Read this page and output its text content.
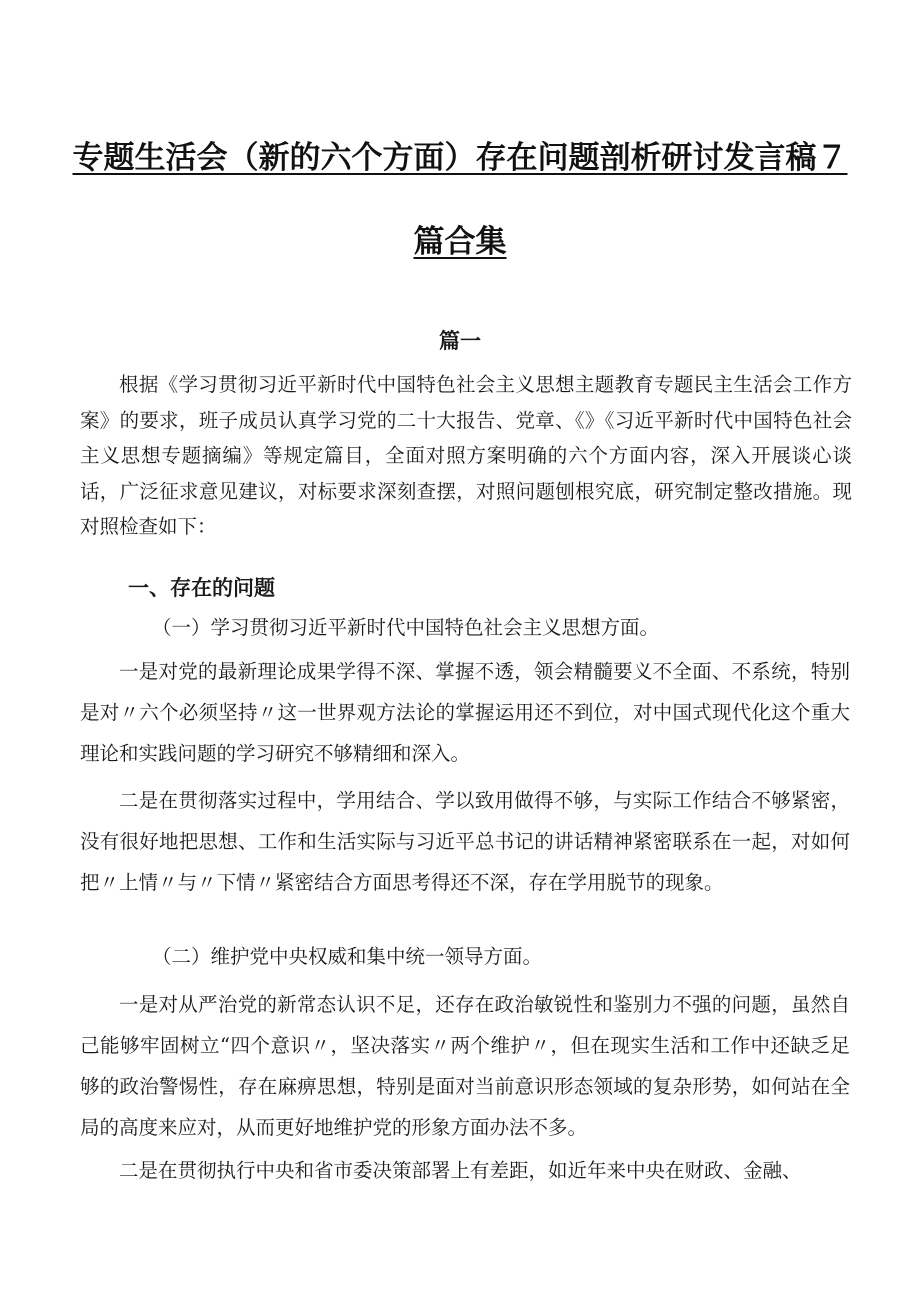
专题生活会（新的六个方面）存在问题剖析研讨发言稿７
篇合集
篇一

根据《学习贯彻习近平新时代中国特色社会主义思想主题教育专题民主生活会工作方案》的要求，班子成员认真学习党的二十大报告、党章、《》《习近平新时代中国特色社会主义思想专题摘编》等规定篇目，全面对照方案明确的六个方面内容，深入开展谈心谈话，广泛征求意见建议，对标要求深刻查摆，对照问题刨根究底，研究制定整改措施。现对照检查如下：

一、存在的问题

（一）学习贯彻习近平新时代中国特色社会主义思想方面。

一是对党的最新理论成果学得不深、掌握不透，领会精髓要义不全面、不系统，特别是对〃六个必须坚持〃这一世界观方法论的掌握运用还不到位，对中国式现代化这个重大理论和实践问题的学习研究不够精细和深入。

二是在贯彻落实过程中，学用结合、学以致用做得不够，与实际工作结合不够紧密，没有很好地把思想、工作和生活实际与习近平总书记的讲话精神紧密联系在一起，对如何把〃上情〃与〃下情〃紧密结合方面思考得还不深，存在学用脱节的现象。

（二）维护党中央权威和集中统一领导方面。

一是对从严治党的新常态认识不足，还存在政治敏锐性和鉴别力不强的问题，虽然自己能够牢固树立“四个意识〃，坚决落实〃两个维护〃，但在现实生活和工作中还缺乏足够的政治警惕性，存在麻痹思想，特别是面对当前意识形态领域的复杂形势，如何站在全局的高度来应对，从而更好地维护党的形象方面办法不多。

二是在贯彻执行中央和省市委决策部署上有差距，如近年来中央在财政、金融、
